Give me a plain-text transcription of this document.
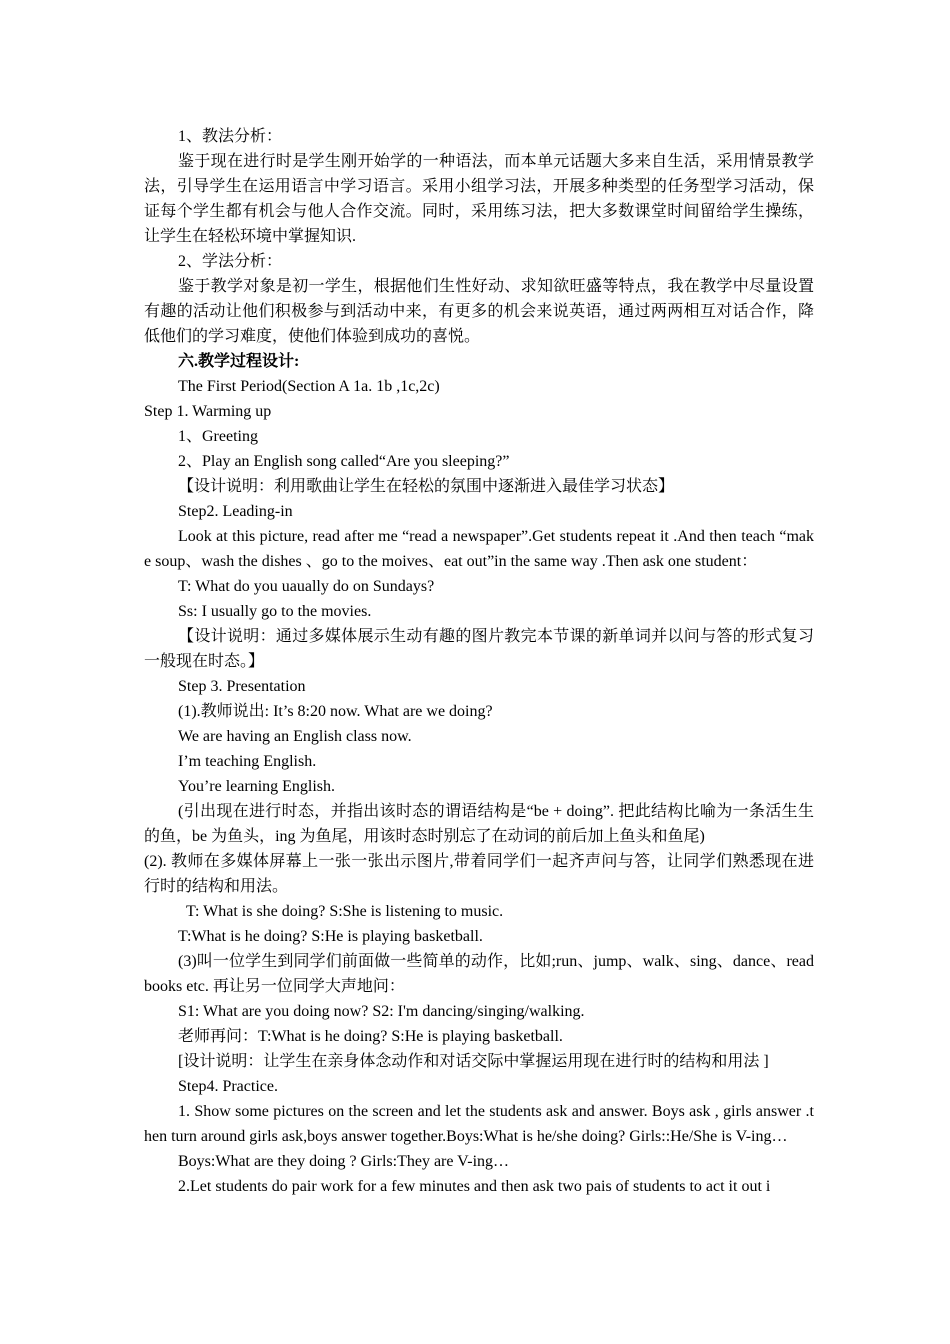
1、教法分析：

鉴于现在进行时是学生刚开始学的一种语法，而本单元话题大多来自生活，采用情景教学法，引导学生在运用语言中学习语言。采用小组学习法，开展多种类型的任务型学习活动，保证每个学生都有机会与他人合作交流。同时，采用练习法，把大多数课堂时间留给学生操练，让学生在轻松环境中掌握知识.

2、学法分析：

鉴于教学对象是初一学生，根据他们生性好动、求知欲旺盛等特点，我在教学中尽量设置有趣的活动让他们积极参与到活动中来，有更多的机会来说英语，通过两两相互对话合作，降低他们的学习难度，使他们体验到成功的喜悦。

六.教学过程设计:

The First Period(Section A 1a. 1b ,1c,2c)

Step 1. Warming up

1、Greeting

2、Play an English song called“Are you sleeping?”

【设计说明：利用歌曲让学生在轻松的氛围中逐渐进入最佳学习状态】

Step2. Leading-in

Look at this picture, read after me “read a newspaper”.Get students repeat it .And then teach “make soup、wash the dishes 、go to the moives、eat out”in the same way .Then ask one student：

T: What do you uaually do on Sundays?

Ss: I usually go to the movies.

【设计说明：通过多媒体展示生动有趣的图片教完本节课的新单词并以问与答的形式复习一般现在时态。】

Step 3. Presentation

(1).教师说出: It’s 8:20 now. What are we doing?

We are having an English class now.

I’m teaching English.

You’re learning English.

(引出现在进行时态，并指出该时态的谓语结构是“be + doing”. 把此结构比喻为一条活生生的鱼，be 为鱼头，ing 为鱼尾，用该时态时别忘了在动词的前后加上鱼头和鱼尾)

(2). 教师在多媒体屏幕上一张一张出示图片,带着同学们一起齐声问与答，让同学们熟悉现在进行时的结构和用法。

T: What is she doing? S:She is listening to music.

T:What is he doing? S:He is playing basketball.

(3)叫一位学生到同学们前面做一些简单的动作，比如;run、jump、walk、sing、dance、read books etc. 再让另一位同学大声地问：

S1: What are you doing now? S2: I'm dancing/singing/walking.

老师再问：T:What is he doing? S:He is playing basketball.

[设计说明：让学生在亲身体念动作和对话交际中掌握运用现在进行时的结构和用法 ]

Step4. Practice.

1. Show some pictures on the screen and let the students ask and answer. Boys ask , girls answer .then turn around girls ask,boys answer together.Boys:What is he/she doing? Girls::He/She is V-ing…

Boys:What are they doing ? Girls:They are V-ing…

2.Let students do pair work for a few minutes and then ask two pais of students to act it out i
